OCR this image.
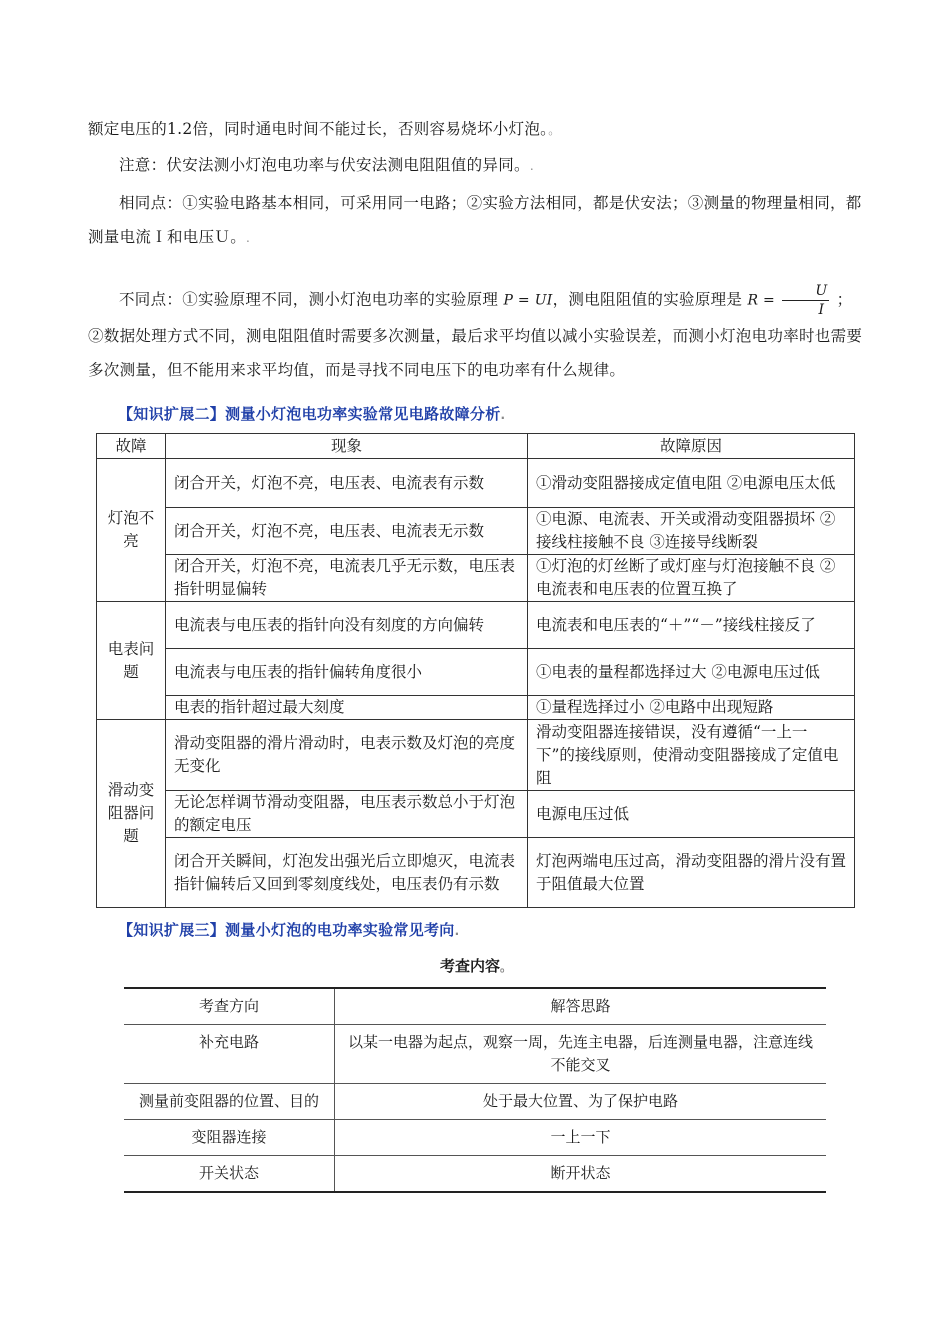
额定电压的1.2倍，同时通电时间不能过长，否则容易烧坏小灯泡。。
注意：伏安法测小灯泡电功率与伏安法测电阻阻值的异同。.
相同点：①实验电路基本相同，可采用同一电路；②实验方法相同，都是伏安法；③测量的物理量相同，都测量电流Ｉ和电压Ｕ。.
不同点：①实验原理不同，测小灯泡电功率的实验原理 P = UI，测电阻阻值的实验原理是 $R = \frac{U}{I}$ ；②数据处理方式不同，测电阻阻值时需要多次测量，最后求平均值以减小实验误差，而测小灯泡电功率时也需要多次测量，但不能用来求平均值，而是寻找不同电压下的电功率有什么规律。
【知识扩展二】测量小灯泡电功率实验常见电路故障分析.
故障	现象	故障原因
灯泡不亮	闭合开关，灯泡不亮，电压表、电流表有示数	①滑动变阻器接成定值电阻 ②电源电压太低
	闭合开关，灯泡不亮，电压表、电流表无示数	①电源、电流表、开关或滑动变阻器损坏 ②接线柱接触不良 ③连接导线断裂
	闭合开关，灯泡不亮，电流表几乎无示数，电压表指针明显偏转	①灯泡的灯丝断了或灯座与灯泡接触不良 ②电流表和电压表的位置互换了
电表问题	电流表与电压表的指针向没有刻度的方向偏转	电流表和电压表的“＋”“－”接线柱接反了
	电流表与电压表的指针偏转角度很小	①电表的量程都选择过大 ②电源电压过低
	电表的指针超过最大刻度	①量程选择过小 ②电路中出现短路
滑动变阻器问题	滑动变阻器的滑片滑动时，电表示数及灯泡的亮度无变化	滑动变阻器连接错误，没有遵循“一上一下”的接线原则，使滑动变阻器接成了定值电阻
	无论怎样调节滑动变阻器，电压表示数总小于灯泡的额定电压	电源电压过低
	闭合开关瞬间，灯泡发出强光后立即熄灭，电流表指针偏转后又回到零刻度线处，电压表仍有示数	灯泡两端电压过高，滑动变阻器的滑片没有置于阻值最大位置
【知识扩展三】测量小灯泡的电功率实验常见考向.
考查内容。
考查方向	解答思路
补充电路	以某一电器为起点，观察一周，先连主电器，后连测量电器，注意连线不能交叉
测量前变阻器的位置、目的	处于最大位置、为了保护电路
变阻器连接	一上一下
开关状态	断开状态
